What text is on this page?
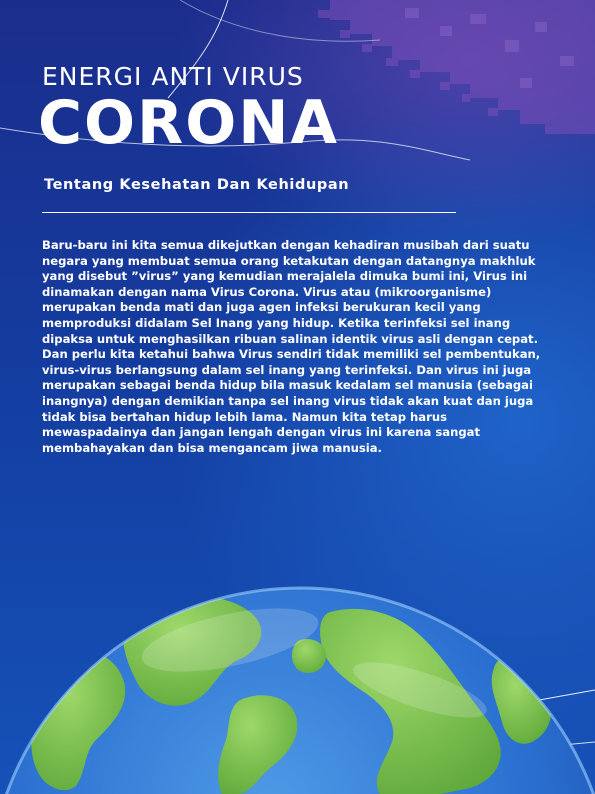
ENERGI ANTI VIRUS
CORONA
Tentang Kesehatan Dan Kehidupan

Baru-baru ini kita semua dikejutkan dengan kehadiran musibah dari suatu negara yang membuat semua orang ketakutan dengan datangnya makhluk yang disebut ”virus” yang kemudian merajalela dimuka bumi ini, Virus ini dinamakan dengan nama Virus Corona. Virus atau (mikroorganisme) merupakan benda mati dan juga agen infeksi berukuran kecil yang memproduksi didalam Sel Inang yang hidup. Ketika terinfeksi sel inang dipaksa untuk menghasilkan ribuan salinan identik virus asli dengan cepat. Dan perlu kita ketahui bahwa Virus sendiri tidak memiliki sel pembentukan, virus-virus berlangsung dalam sel inang yang terinfeksi. Dan virus ini juga merupakan sebagai benda hidup bila masuk kedalam sel manusia (sebagai inangnya) dengan demikian tanpa sel inang virus tidak akan kuat dan juga tidak bisa bertahan hidup lebih lama. Namun kita tetap harus mewaspadainya dan jangan lengah dengan virus ini karena sangat membahayakan dan bisa mengancam jiwa manusia.
